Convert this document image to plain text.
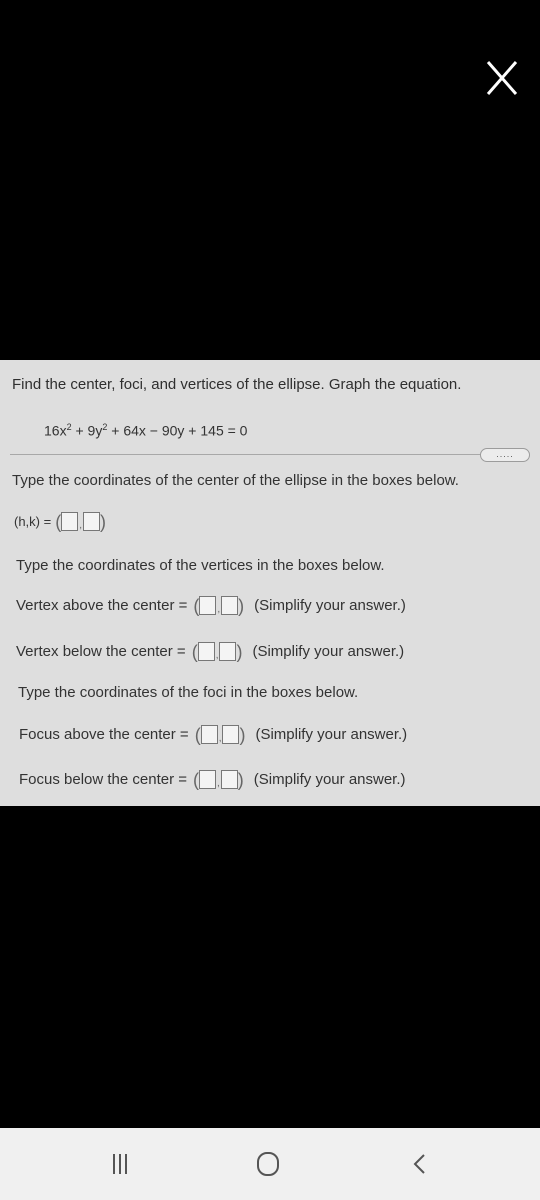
Find the center, foci, and vertices of the ellipse. Graph the equation.
$16x^2 + 9y^2 + 64x - 90y + 145 = 0$
.....
Type the coordinates of the center of the ellipse in the boxes below.
(h,k) = ( , )
Type the coordinates of the vertices in the boxes below.
Vertex above the center = ( , ) (Simplify your answer.)
Vertex below the center = ( , ) (Simplify your answer.)
Type the coordinates of the foci in the boxes below.
Focus above the center = ( , ) (Simplify your answer.)
Focus below the center = ( , ) (Simplify your answer.)
